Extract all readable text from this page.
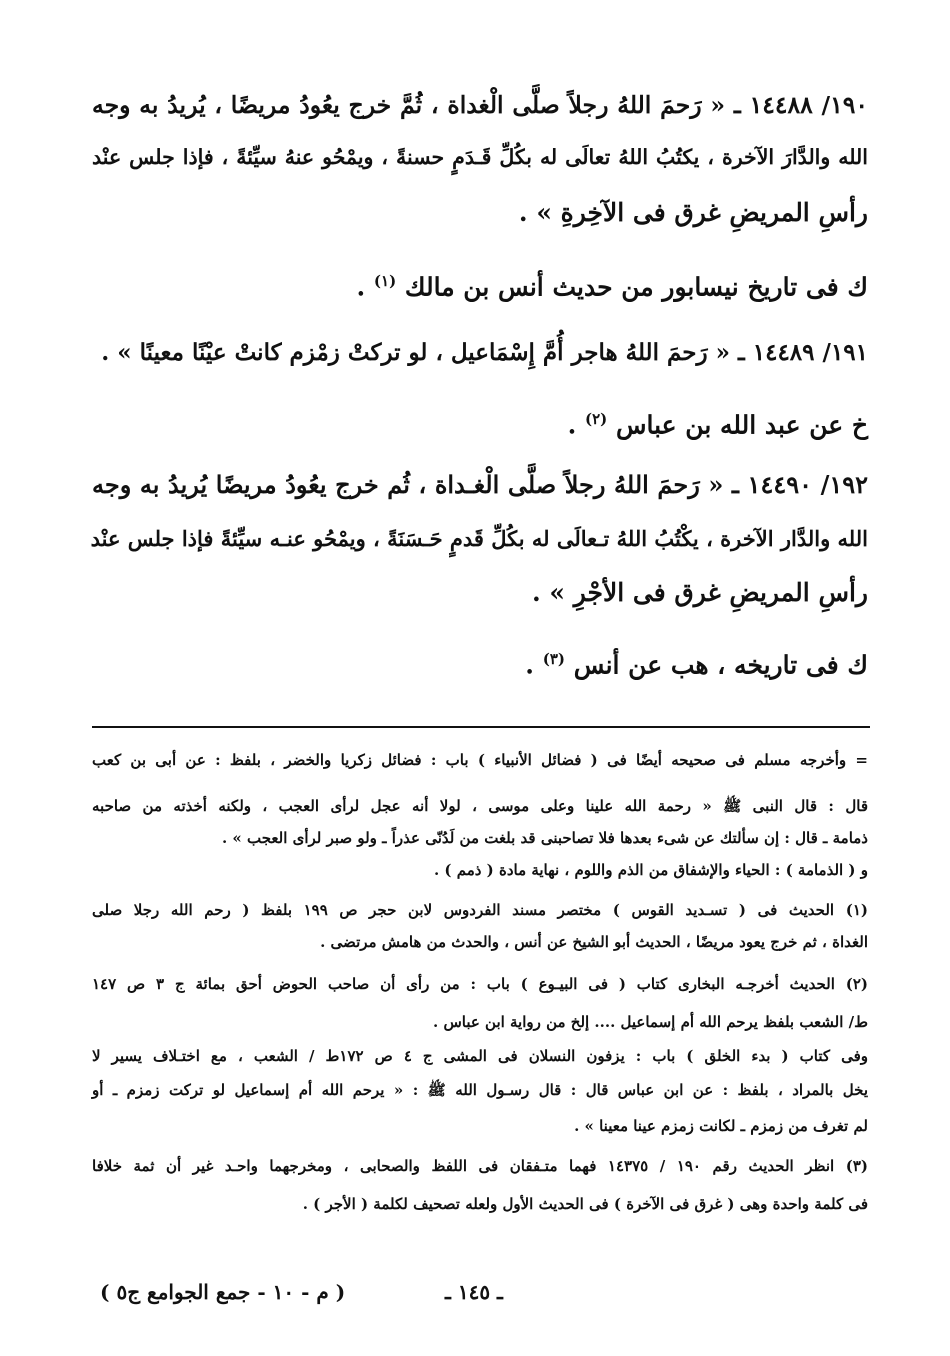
١٩٠/ ١٤٤٨٨ ـ « رَحمَ اللهُ رجلاً صلَّى الْغداة ، ثُمَّ خرج يعُودُ مريضًا ، يُريدُ به وجه
الله والدَّارَ الآخرة ، يكتُبُ اللهُ تعالَى له بكُلِّ قَـدَمٍ حسنةً ، ويمْحُو عنهُ سيِّئةً ، فإذا جلس عنْد
رأسِ المريضِ غرق فى الآخِرةِ » .
ك فى تاريخ نيسابور من حديث أنس بن مالك $^{(١)}$ .
١٩١/ ١٤٤٨٩ ـ « رَحمَ اللهُ هاجر أُمَّ إِسْمَاعيل ، لو تركتْ زمْزم كانتْ عيْنًا معينًا » .
خ عن عبد الله بن عباس $^{(٢)}$ .
١٩٢/ ١٤٤٩٠ ـ « رَحمَ اللهُ رجلاً صلَّى الْغـداة ، ثُم خرج يعُودُ مريضًا يُريدُ به وجه
الله والدَّار الآخرة ، يكْتُبُ اللهُ تـعالَى له بكُلِّ قَدمٍ حَـسَنَةً ، ويمْحُو عنـه سيِّئةً فإذا جلس عنْد
رأسِ المريضِ غرق فى الأجْرِ » .
ك فى تاريخه ، هب عن أنس $^{(٣)}$ .
= وأخرجه مسلم فى صحيحه أيضًا فى ( فضائل الأنبياء ) باب : فضائل زكريا والخضر ، بلفظ : عن أبى بن كعب
قال : قال النبى ﷺ « رحمة الله علينا وعلى موسى ، لولا أنه عجل لرأى العجب ، ولكنه أخذته من صاحبه
ذمامة ـ قال : إن سألتك عن شىء بعدها فلا تصاحبنى قد بلغت من لَدُنّى عذراً ـ ولو صبر لرأى العجب » .
و ( الذمامة ) : الحياء والإشفاق من الذم واللوم ، نهاية مادة ( ذمم ) .
(١) الحديث فى ( تسـديد القوس ) مختصر مسند الفردوس لابن حجر ص ١٩٩ بلفظ ( رحم الله رجلا صلى
الغداة ، ثم خرج يعود مريضًا ، الحديث أبو الشيخ عن أنس ، والحدث من هامش مرتضى .
(٢) الحديث أخرجـه البخارى كتاب ( فى البيـوع ) باب : من رأى أن صاحب الحوض أحق بمائة ج ٣ ص ١٤٧
ط/ الشعب بلفظ يرحم الله أم إسماعيل .... إلخ من رواية ابن عباس .
وفى كتاب ( بدء الخلق ) باب : يزفون النسلان فى المشى ج ٤ ص ١٧٢ط / الشعب ، مع اختـلاف يسير لا
يخل بالمراد ، بلفظ : عن ابن عباس قال : قال رسـول الله ﷺ : « يرحم الله أم إسماعيل لو تركت زمزم ـ أو
لم تغرف من زمزم ـ لكانت زمزم عينا معينا » .
(٣) انظر الحديث رقم ١٩٠ / ١٤٣٧٥ فهما متـفقان فى اللفظ والصحابى ، ومخرجهما واحـد غير أن ثمة خلافا
فى كلمة واحدة وهى ( غرق فى الآخرة ) فى الحديث الأول ولعله تصحيف لكلمة ( الأجر ) .
ـ ١٤٥ ـ
( م - ١٠ - جمع الجوامع ج٥ )
